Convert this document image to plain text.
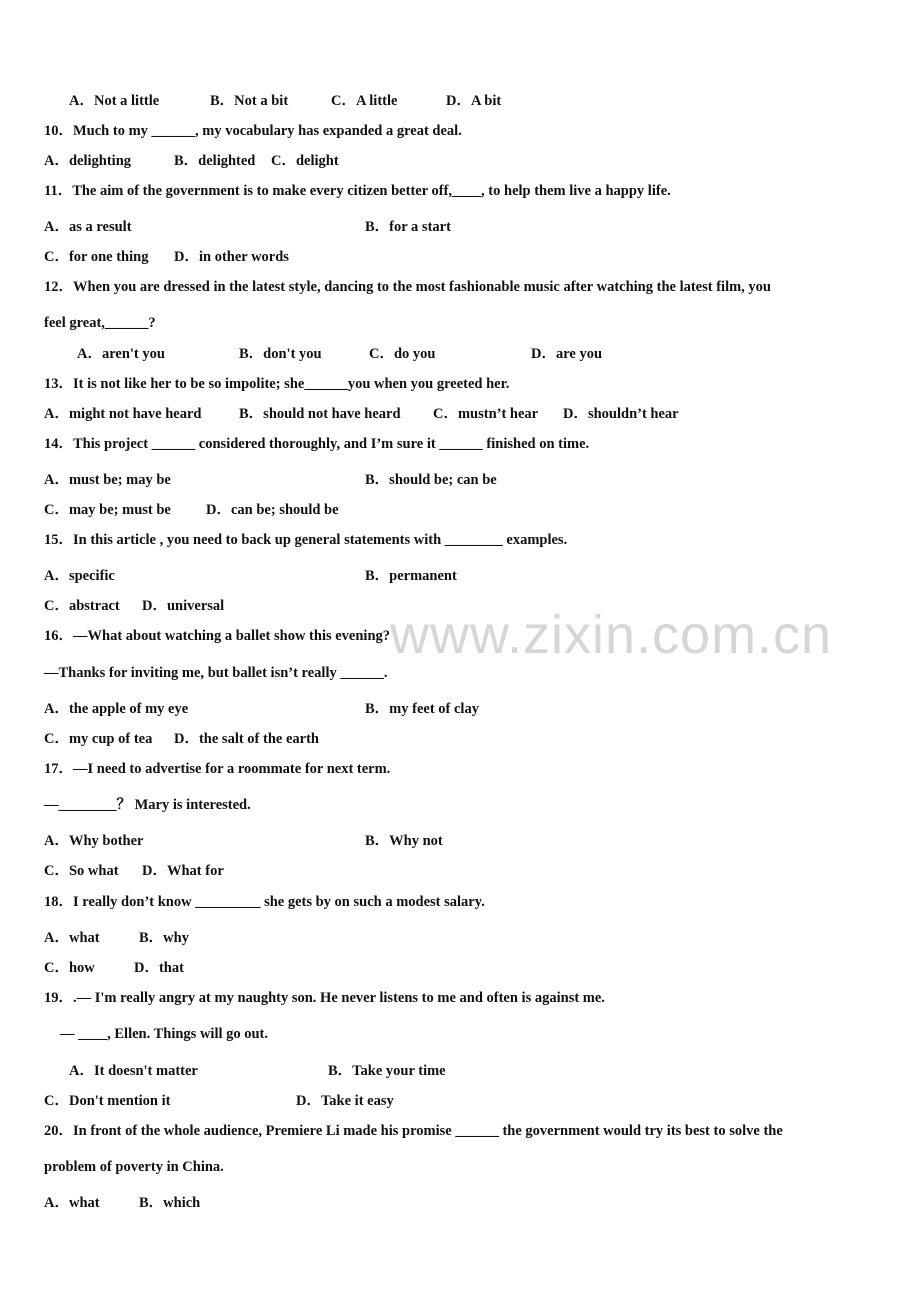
www.zixin.com.cn
A．Not a little	B．Not a bit	C．A little	D．A bit
10．Much to my ______, my vocabulary has expanded a great deal.
A．delighting	B．delighted C．delight
11．The aim of the government is to make every citizen better off,____, to help them live a happy life.
A．as a result	B．for a start
C．for one thing D．in other words
12．When you are dressed in the latest style, dancing to the most fashionable music after watching the latest film, you
feel great,______?
A．aren't you	B．don't you	C．do you	D．are you
13．It is not like her to be so impolite; she______you when you greeted her.
A．might not have heard	B．should not have heard C．mustn’t hear D．shouldn’t hear
14．This project ______ considered thoroughly, and I’m sure it ______ finished on time.
A．must be; may be	B．should be; can be
C．may be; must be D．can be; should be
15．In this article , you need to back up general statements with ________ examples.
A．specific	B．permanent
C．abstract D．universal
16．—What about watching a ballet show this evening?
—Thanks for inviting me, but ballet isn’t really ______.
A．the apple of my eye	B．my feet of clay
C．my cup of tea D．the salt of the earth
17．—I need to advertise for a roommate for next term.
—________？ Mary is interested.
A．Why bother	B．Why not
C．So what D．What for
18．I really don’t know _________ she gets by on such a modest salary.
A．what	B．why
C．how	D．that
19．.— I'm really angry at my naughty son. He never listens to me and often is against me.
— ____, Ellen. Things will go out.
A．It doesn't matter	B．Take your time
C．Don't mention it	D．Take it easy
20．In front of the whole audience, Premiere Li made his promise ______ the government would try its best to solve the
problem of poverty in China.
A．what	B．which
